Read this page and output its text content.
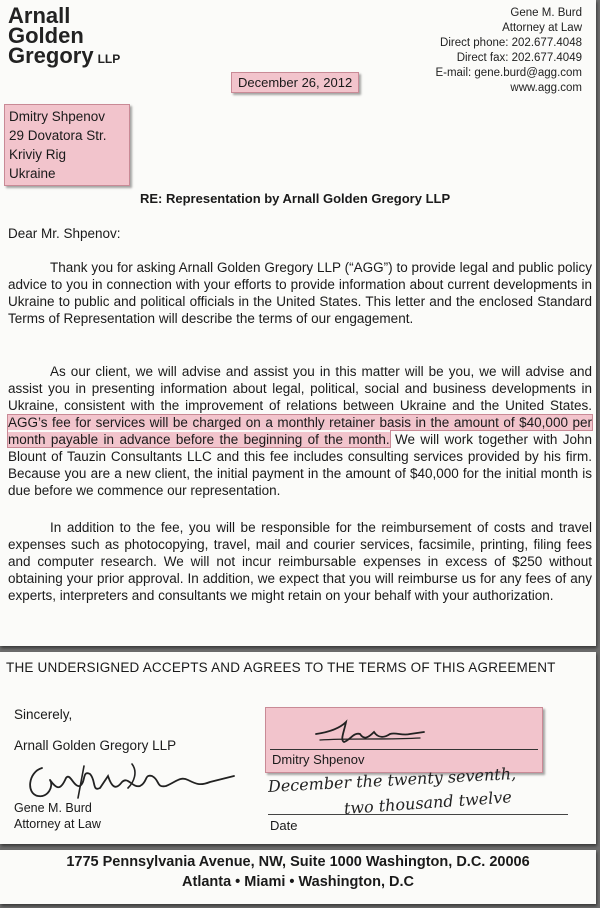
Arnall
Golden
Gregory LLP
Gene M. Burd
Attorney at Law
Direct phone: 202.677.4048
Direct fax: 202.677.4049
E-mail: gene.burd@agg.com
www.agg.com
December 26, 2012
Dmitry Shpenov
29 Dovatora Str.
Kriviy Rig
Ukraine
RE: Representation by Arnall Golden Gregory LLP
Dear Mr. Shpenov:
Thank you for asking Arnall Golden Gregory LLP (“AGG”) to provide legal and public policy advice to you in connection with your efforts to provide information about current developments in Ukraine to public and political officials in the United States. This letter and the enclosed Standard Terms of Representation will describe the terms of our engagement.
As our client, we will advise and assist you in this matter will be you, we will advise and assist you in presenting information about legal, political, social and business developments in Ukraine, consistent with the improvement of relations between Ukraine and the United States. AGG’s fee for services will be charged on a monthly retainer basis in the amount of $40,000 per month payable in advance before the beginning of the month. We will work together with John Blount of Tauzin Consultants LLC and this fee includes consulting services provided by his firm. Because you are a new client, the initial payment in the amount of $40,000 for the initial month is due before we commence our representation.
In addition to the fee, you will be responsible for the reimbursement of costs and travel expenses such as photocopying, travel, mail and courier services, facsimile, printing, filing fees and computer research. We will not incur reimbursable expenses in excess of $250 without obtaining your prior approval. In addition, we expect that you will reimburse us for any fees of any experts, interpreters and consultants we might retain on your behalf with your authorization.
THE UNDERSIGNED ACCEPTS AND AGREES TO THE TERMS OF THIS AGREEMENT
Sincerely,
Arnall Golden Gregory LLP
Gene M. Burd
Attorney at Law
Dmitry Shpenov
December the twenty seventh,
two thousand twelve
Date
1775 Pennsylvania Avenue, NW, Suite 1000 Washington, D.C. 20006
Atlanta • Miami • Washington, D.C
